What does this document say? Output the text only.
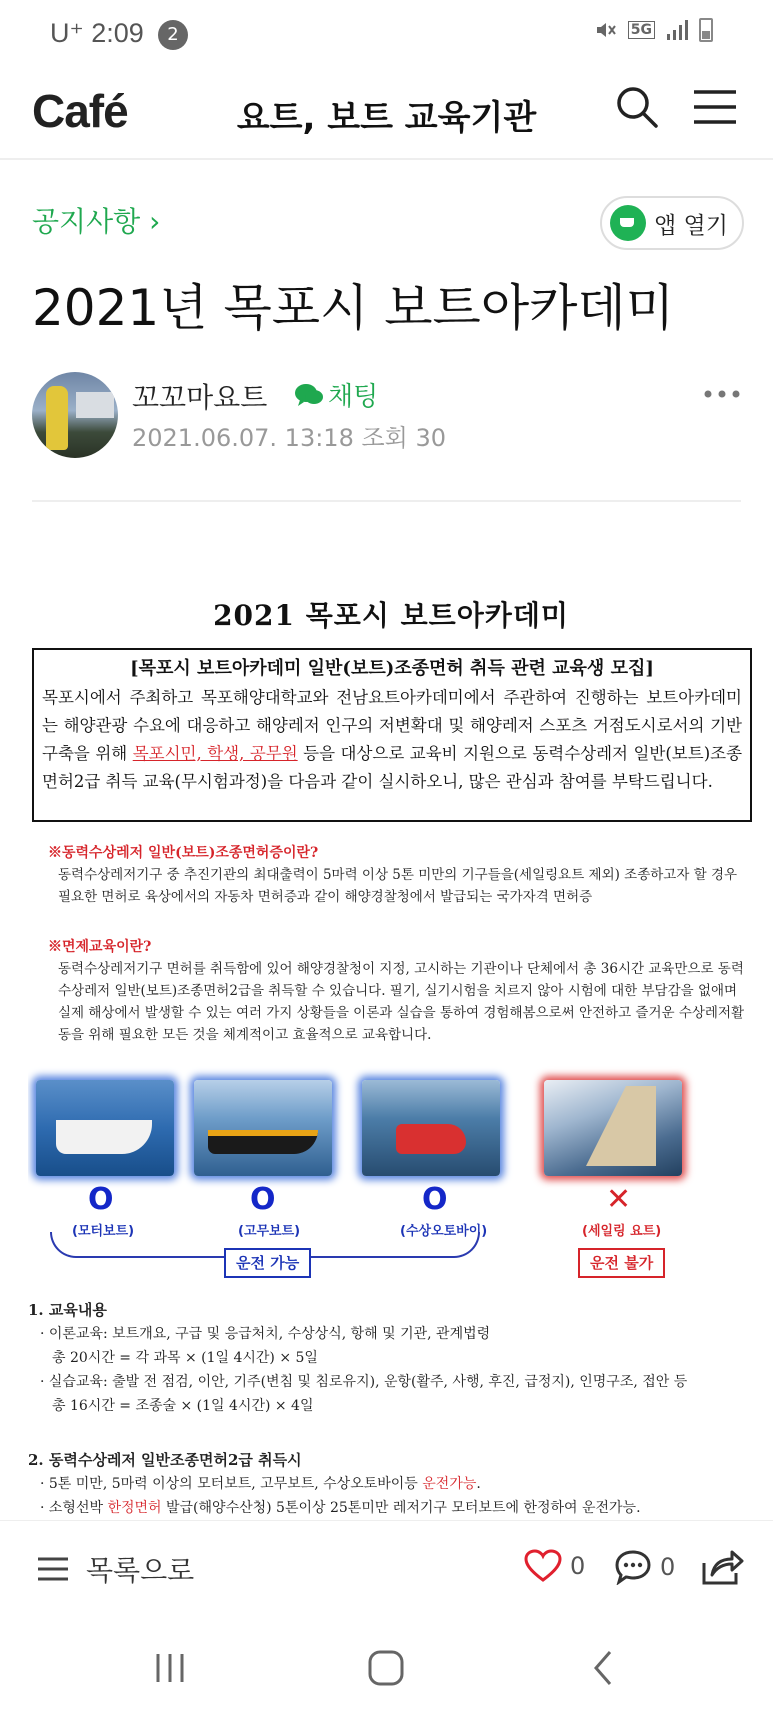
U⁺ 2:09	2	5G
Café	요트, 보트 교육기관
공지사항 ›	앱 열기
2021년 목포시 보트아카데미
꼬꼬마요트 채팅
2021.06.07. 13:18 조회 30
2021 목포시 보트아카데미
[목포시 보트아카데미 일반(보트)조종면허 취득 관련 교육생 모집]
목포시에서 주최하고 목포해양대학교와 전남요트아카데미에서 주관하여 진행하는 보트아카데미는 해양관광 수요에 대응하고 해양레저 인구의 저변확대 및 해양레저 스포츠 거점도시로서의 기반구축을 위해 목포시민, 학생, 공무원 등을 대상으로 교육비 지원으로 동력수상레저 일반(보트)조종면허2급 취득 교육(무시험과정)을 다음과 같이 실시하오니, 많은 관심과 참여를 부탁드립니다.
※동력수상레저 일반(보트)조종면허증이란?
동력수상레저기구 중 추진기관의 최대출력이 5마력 이상 5톤 미만의 기구들을(세일링요트 제외) 조종하고자 할 경우 필요한 면허로 육상에서의 자동차 면허증과 같이 해양경찰청에서 발급되는 국가자격 면허증
※면제교육이란?
동력수상레저기구 면허를 취득함에 있어 해양경찰청이 지정, 고시하는 기관이나 단체에서 총 36시간 교육만으로 동력수상레저 일반(보트)조종면허2급을 취득할 수 있습니다. 필기, 실기시험을 치르지 않아 시험에 대한 부담감을 없애며 실제 해상에서 발생할 수 있는 여러 가지 상황들을 이론과 실습을 통하여 경험해봄으로써 안전하고 즐거운 수상레저활동을 위해 필요한 모든 것을 체계적이고 효율적으로 교육합니다.
O	O	O	✕
(모터보트)	(고무보트)	(수상오토바이)	(세일링 요트)
운전 가능	운전 불가
1. 교육내용
· 이론교육: 보트개요, 구급 및 응급처치, 수상상식, 항해 및 기관, 관계법령
총 20시간 = 각 과목 × (1일 4시간) × 5일
· 실습교육: 출발 전 점검, 이안, 기주(변침 및 침로유지), 운항(활주, 사행, 후진, 급정지), 인명구조, 접안 등
총 16시간 = 조종술 × (1일 4시간) × 4일
2. 동력수상레저 일반조종면허2급 취득시
· 5톤 미만, 5마력 이상의 모터보트, 고무보트, 수상오토바이등 운전가능.
· 소형선박 한정면허 발급(해양수산청) 5톤이상 25톤미만 레저기구 모터보트에 한정하여 운전가능.
목록으로	0	0
